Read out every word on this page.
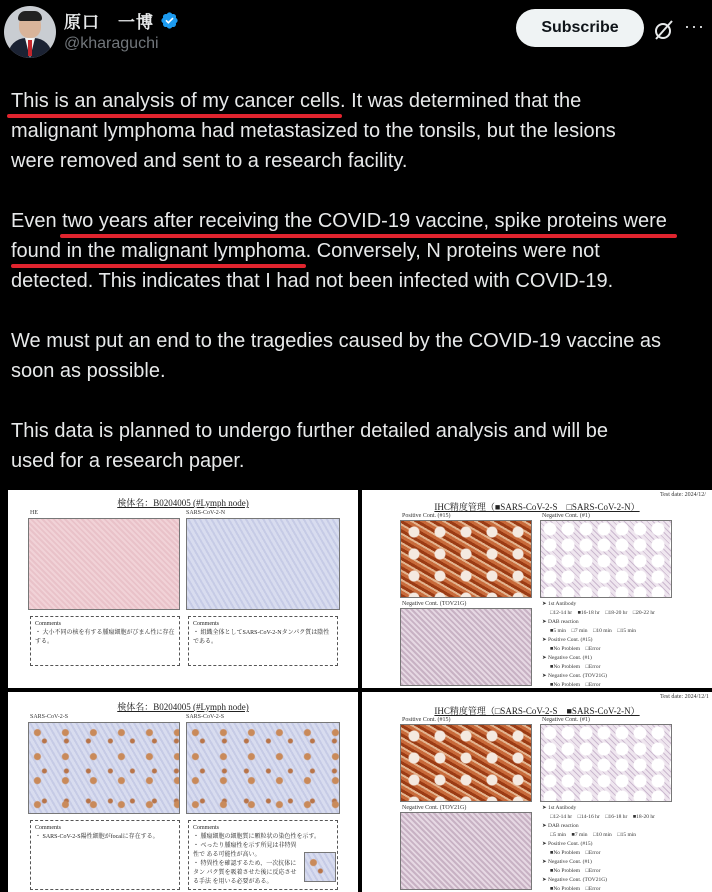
原口　一博
@kharaguchi
Subscribe	···

This is an analysis of my cancer cells
. It was determined that the
malignant lymphoma had metastasized to the tonsils, but the lesions
were removed and sent to a research facility.

Even two years after receiving the COVID-19 vaccine, spike proteins were

found in the malignant lymphoma
. Conversely, N proteins were not
detected. This indicates that I had not been infected with COVID-19.

We must put an end to the tragedies caused by the COVID-19 vaccine as
soon as possible.

This data is planned to undergo further detailed analysis and will be
used for a research paper.

検体名：B0204005 (#Lymph node)
HE	SARS-CoV-2-N
Comments
・ 大小不同の核を有する腫瘍細胞がびまん性に存在する。
Comments
・ 組織全体としてSARS-CoV-2-Nタンパク質は陰性である。
Test date: 2024/12/
IHC精度管理（■SARS-CoV-2-S　□SARS-CoV-2-N）
Positive Cont. (#15)	Negative Cont. (#1)
Negative Cont. (TOV21G)	➤ 1st Antibody
□12-14 hr　■16-18 hr　□18-20 hr　□20-22 hr
➤ DAB reaction
■5 min　□7 min　□10 min　□15 min
➤ Positive Cont. (#15)
■No Problem　□Error
➤ Negative Cont. (#1)
■No Problem　□Error
➤ Negative Cont. (TOV21G)
■No Problem　□Error
検体名：B0204005 (#Lymph node)
SARS-CoV-2-S	SARS-CoV-2-S
Comments
・ SARS-CoV-2-S陽性細胞がfocalに存在する。
Comments
・ 腫瘍細胞の細胞質に顆粒状の染色性を示す。
・ べったり腫瘍性を示す所見は非特異性で ある可能性が高い。
・ 特異性を確認するため、一次抗体にタン パク質を吸着させた後に反応させる手法 を用いる必要がある。
Test date: 2024/12/1
IHC精度管理（□SARS-CoV-2-S　■SARS-CoV-2-N）
Positive Cont. (#15)	Negative Cont. (#1)
Negative Cont. (TOV21G)	➤ 1st Antibody
□12-14 hr　□14-16 hr　□16-18 hr　■18-20 hr
➤ DAB reaction
□5 min　■7 min　□10 min　□15 min
➤ Positive Cont. (#15)
■No Problem　□Error
➤ Negative Cont. (#1)
■No Problem　□Error
➤ Negative Cont. (TOV21G)
■No Problem　□Error
